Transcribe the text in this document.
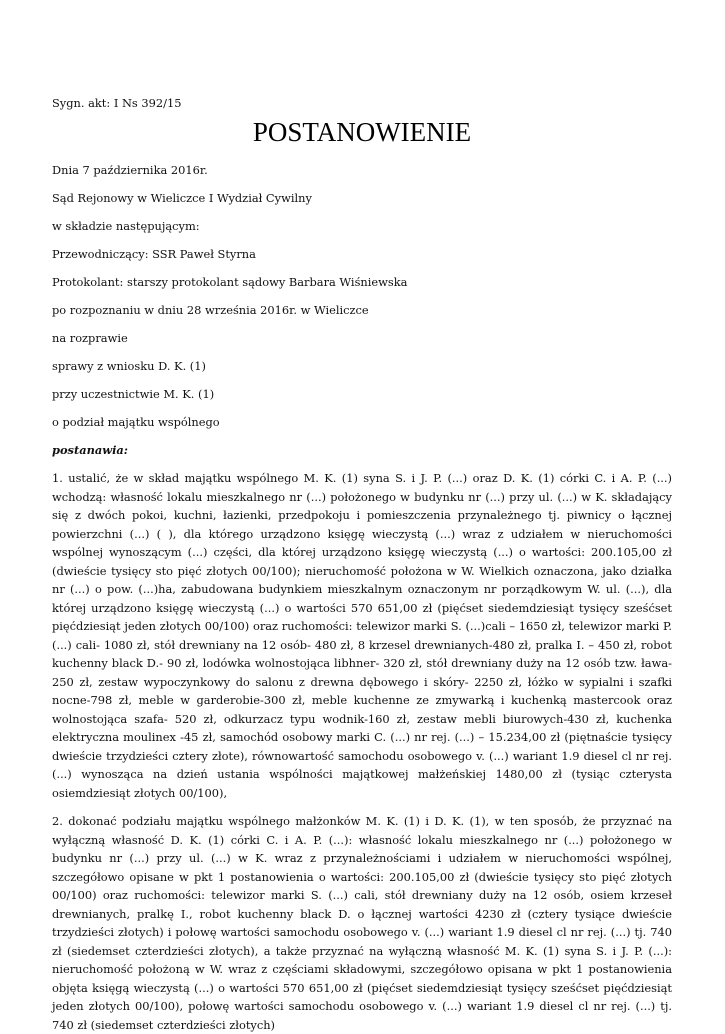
Sygn. akt: I Ns 392/15
POSTANOWIENIE
Dnia 7 października 2016r.
Sąd Rejonowy w Wieliczce I Wydział Cywilny
w składzie następującym:
Przewodniczący: SSR Paweł Styrna
Protokolant: starszy protokolant sądowy Barbara Wiśniewska
po rozpoznaniu w dniu 28 września 2016r. w Wieliczce
na rozprawie
sprawy z wniosku D. K. (1)
przy uczestnictwie M. K. (1)
o podział majątku wspólnego
postanawia:

1. ustalić, że w skład majątku wspólnego M. K. (1) syna S. i J. P. (...) oraz D. K. (1) córki C. i A. P. (...) wchodzą: własność lokalu mieszkalnego nr (...) położonego w budynku nr (...) przy ul. (...) w K. składający się z dwóch pokoi, kuchni, łazienki, przedpokoju i pomieszczenia przynależnego tj. piwnicy o łącznej powierzchni (...) ( ), dla którego urządzono księgę wieczystą (...) wraz z udziałem w nieruchomości wspólnej wynoszącym (...) części, dla której urządzono księgę wieczystą (...) o wartości: 200.105,00 zł (dwieście tysięcy sto pięć złotych 00/100); nieruchomość położona w W. Wielkich oznaczona, jako działka nr (...) o pow. (...)ha, zabudowana budynkiem mieszkalnym oznaczonym nr porządkowym W. ul. (...), dla której urządzono księgę wieczystą (...) o wartości 570 651,00 zł (pięćset siedemdziesiąt tysięcy sześćset pięćdziesiąt jeden złotych 00/100) oraz ruchomości: telewizor marki S. (...)cali – 1650 zł, telewizor marki P. (...) cali- 1080 zł, stół drewniany na 12 osób- 480 zł, 8 krzesel drewnianych-480 zł, pralka I. – 450 zł, robot kuchenny black D.- 90 zł, lodówka wolnostojąca libhner- 320 zł, stół drewniany duży na 12 osób tzw. ława- 250 zł, zestaw wypoczynkowy do salonu z drewna dębowego i skóry- 2250 zł, łóżko w sypialni i szafki nocne-798 zł, meble w garderobie-300 zł, meble kuchenne ze zmywarką i kuchenką mastercook oraz wolnostojąca szafa- 520 zł, odkurzacz typu wodnik-160 zł, zestaw mebli biurowych-430 zł, kuchenka elektryczna moulinex -45 zł, samochód osobowy marki C. (...) nr rej. (...) – 15.234,00 zł (piętnaście tysięcy dwieście trzydzieści cztery złote), równowartość samochodu osobowego v. (...) wariant 1.9 diesel cl nr rej. (...) wynosząca na dzień ustania wspólności majątkowej małżeńskiej 1480,00 zł (tysiąc czterysta osiemdziesiąt złotych 00/100),

2. dokonać podziału majątku wspólnego małżonków M. K. (1) i D. K. (1), w ten sposób, że przyznać na wyłączną własność D. K. (1) córki C. i A. P. (...): własność lokalu mieszkalnego nr (...) położonego w budynku nr (...) przy ul. (...) w K. wraz z przynależnościami i udziałem w nieruchomości wspólnej, szczegółowo opisane w pkt 1 postanowienia o wartości: 200.105,00 zł (dwieście tysięcy sto pięć złotych 00/100) oraz ruchomości: telewizor marki S. (...) cali, stół drewniany duży na 12 osób, osiem krzeseł drewnianych, pralkę I., robot kuchenny black D. o łącznej wartości 4230 zł (cztery tysiące dwieście trzydzieści złotych) i połowę wartości samochodu osobowego v. (...) wariant 1.9 diesel cl nr rej. (...) tj. 740 zł (siedemset czterdzieści złotych), a także przyznać na wyłączną własność M. K. (1) syna S. i J. P. (...): nieruchomość położoną w W. wraz z częściami składowymi, szczegółowo opisana w pkt 1 postanowienia objęta księgą wieczystą (...) o wartości 570 651,00 zł (pięćset siedemdziesiąt tysięcy sześćset pięćdziesiąt jeden złotych 00/100), połowę wartości samochodu osobowego v. (...) wariant 1.9 diesel cl nr rej. (...) tj. 740 zł (siedemset czterdzieści złotych)
